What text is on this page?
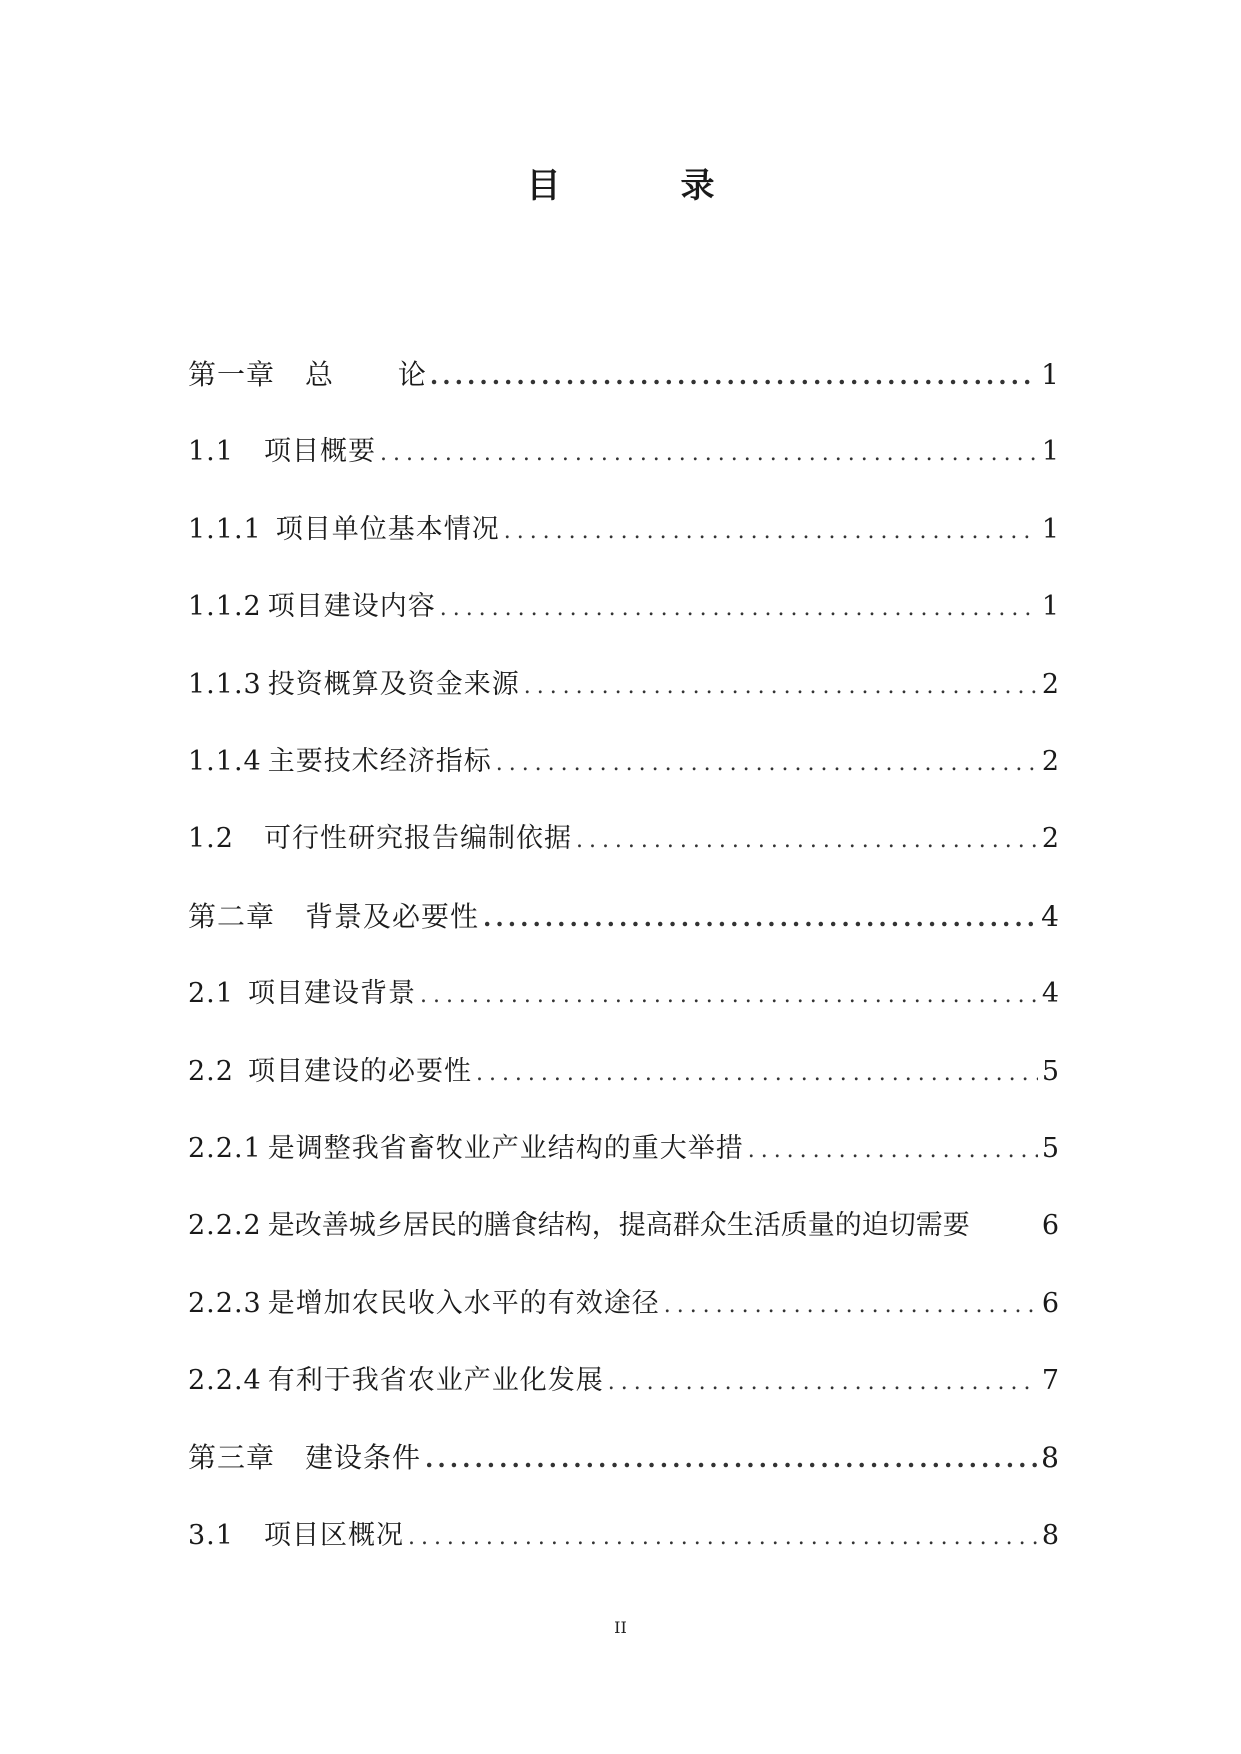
目	录
第一章 总 论 .....	1
1.1 项目概要 .....	1
1.1.1 项目单位基本情况 .....	1
1.1.2 项目建设内容 .....	1
1.1.3 投资概算及资金来源 .....	2
1.1.4 主要技术经济指标 .....	2
1.2 可行性研究报告编制依据 .....	2
第二章 背景及必要性 .....	4
2.1 项目建设背景 .....	4
2.2 项目建设的必要性 .....	5
2.2.1 是调整我省畜牧业产业结构的重大举措 .....	5
2.2.2 是改善城乡居民的膳食结构，提高群众生活质量的迫切需要	6
2.2.3 是增加农民收入水平的有效途径 .....	6
2.2.4 有利于我省农业产业化发展 .....	7
第三章 建设条件 .....	8
3.1 项目区概况 .....	8
II
